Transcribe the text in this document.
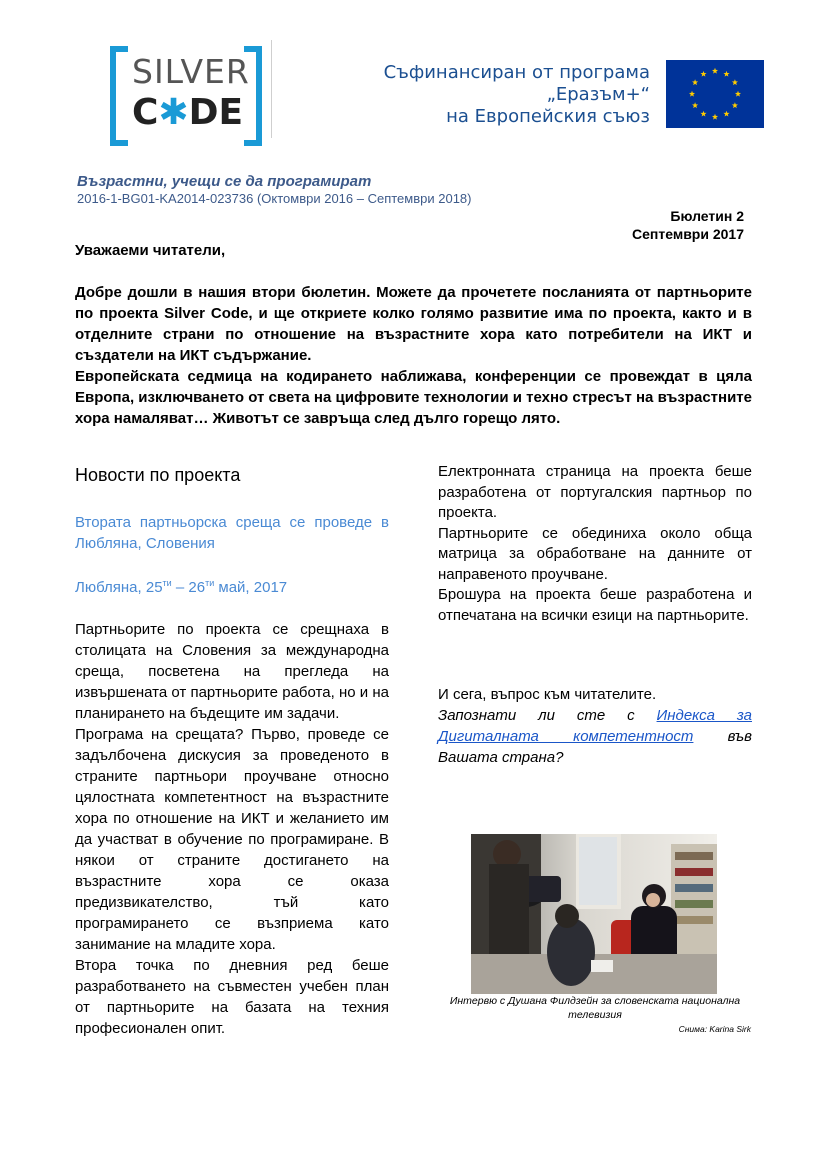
SILVER
C✱DE
Съфинансиран от програма
„Еразъм+“
на Европейския съюз
Възрастни, учещи се да програмират
2016-1-BG01-KA2014-023736 (Октомври 2016 – Септември 2018)
Бюлетин 2
Септември 2017
Уважаеми читатели,

Добре дошли в нашия втори бюлетин. Можете да прочетете посланията от партньорите по проекта Silver Code, и ще откриете колко голямо развитие има по проекта, както и в отделните страни по отношение на възрастните хора като потребители на ИКТ и създатели на ИКТ съдържание.

Европейската седмица на кодирането наближава, конференции се провеждат в цяла Европа, изключването от света на цифровите технологии и техно стресът на възрастните хора намаляват… Животът се завръща след дълго горещо лято.

Новости по проекта
Втората партньорска среща се проведе в Любляна, Словения
Любляна, $25^{ти} - 26^{ти}$ май, 2017

Партньорите по проекта се срещнаха в столицата на Словения за международна среща, посветена на прегледа на извършената от партньорите работа, но и на планирането на бъдещите им задачи.

Програма на срещата? Първо, проведе се задълбочена дискусия за проведеното в страните партньори проучване относно цялостната компетентност на възрастните хора по отношение на ИКТ и желанието им да участват в обучение по програмиране. В някои от страните достигането на възрастните хора се оказа предизвикателство, тъй като програмирането се възприема като занимание на младите хора.

Втора точка по дневния ред беше разработването на съвместен учебен план от партньорите на базата на техния професионален опит.

Електронната страница на проекта беше разработена от португалския партньор по проекта.

Партньорите се обединиха около обща матрица за обработване на данните от направеното проучване.

Брошура на проекта беше разработена и отпечатана на всички езици на партньорите.

И сега, въпрос към читателите.

Запознати ли сте с Индекса за Дигиталната компетентност във Вашата страна?

Интервю с Душана Филдзейн за словенската национална телевизия
Снима: Karina Sirk
